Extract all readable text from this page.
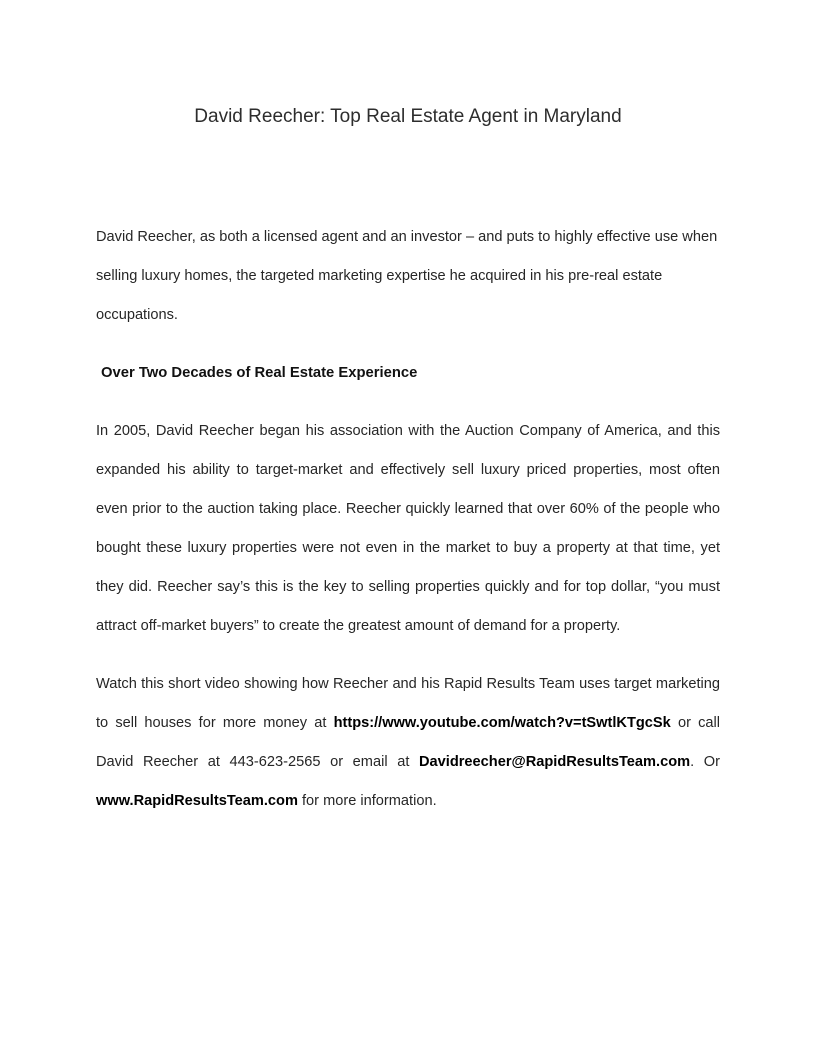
David Reecher: Top Real Estate Agent in Maryland

David Reecher, as both a licensed agent and an investor – and puts to highly effective use when selling luxury homes, the targeted marketing expertise he acquired in his pre-real estate occupations.

Over Two Decades of Real Estate Experience

In 2005, David Reecher began his association with the Auction Company of America, and this expanded his ability to target-market and effectively sell luxury priced properties, most often even prior to the auction taking place. Reecher quickly learned that over 60% of the people who bought these luxury properties were not even in the market to buy a property at that time, yet they did. Reecher say’s this is the key to selling properties quickly and for top dollar, “you must attract off-market buyers” to create the greatest amount of demand for a property.

Watch this short video showing how Reecher and his Rapid Results Team uses target marketing to sell houses for more money at https://www.youtube.com/watch?v=tSwtlKTgcSk or call David Reecher at 443-623-2565 or email at Davidreecher@RapidResultsTeam.com. Or www.RapidResultsTeam.com for more information.
